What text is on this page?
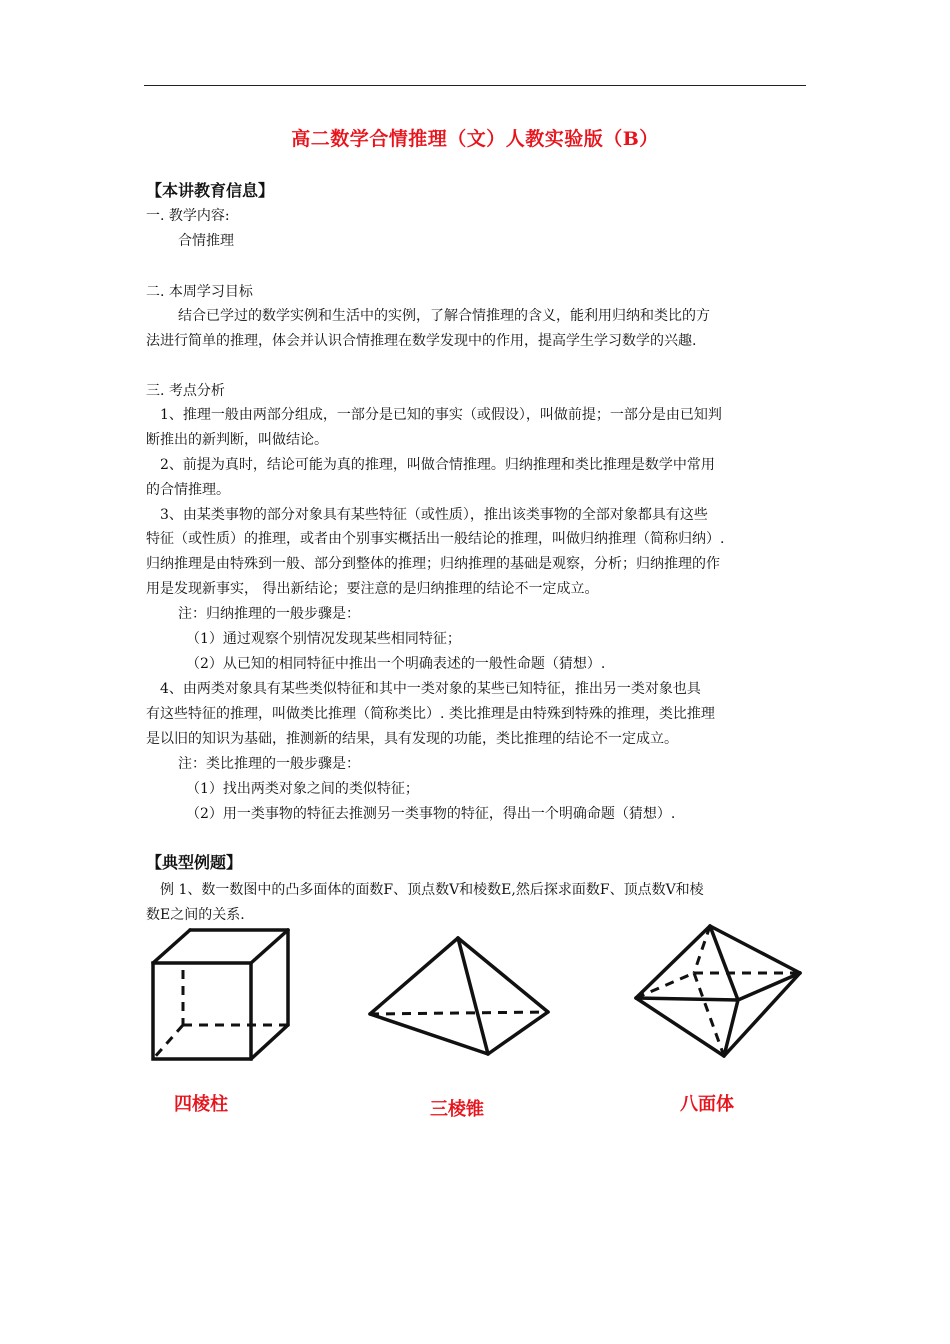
高二数学合情推理（文）人教实验版（B）
【本讲教育信息】
一. 教学内容:
合情推理
二. 本周学习目标
结合已学过的数学实例和生活中的实例，了解合情推理的含义，能利用归纳和类比的方
法进行简单的推理，体会并认识合情推理在数学发现中的作用，提高学生学习数学的兴趣.
三. 考点分析
1、推理一般由两部分组成，一部分是已知的事实（或假设），叫做前提；一部分是由已知判
断推出的新判断，叫做结论。
2、前提为真时，结论可能为真的推理，叫做合情推理。归纳推理和类比推理是数学中常用
的合情推理。
3、由某类事物的部分对象具有某些特征（或性质），推出该类事物的全部对象都具有这些
特征（或性质）的推理，或者由个别事实概括出一般结论的推理，叫做归纳推理（简称归纳）.
归纳推理是由特殊到一般、部分到整体的推理；归纳推理的基础是观察，分析；归纳推理的作
用是发现新事实， 得出新结论；要注意的是归纳推理的结论不一定成立。
注：归纳推理的一般步骤是：
（1）通过观察个别情况发现某些相同特征；
（2）从已知的相同特征中推出一个明确表述的一般性命题（猜想）.
4、由两类对象具有某些类似特征和其中一类对象的某些已知特征，推出另一类对象也具
有这些特征的推理，叫做类比推理（简称类比）. 类比推理是由特殊到特殊的推理，类比推理
是以旧的知识为基础，推测新的结果，具有发现的功能，类比推理的结论不一定成立。
注：类比推理的一般步骤是：
（1）找出两类对象之间的类似特征；
（2）用一类事物的特征去推测另一类事物的特征，得出一个明确命题（猜想）.
【典型例题】
例 1、数一数图中的凸多面体的面数F、顶点数V和棱数E,然后探求面数F、顶点数V和棱
数E之间的关系.
四棱柱	三棱锥	八面体
